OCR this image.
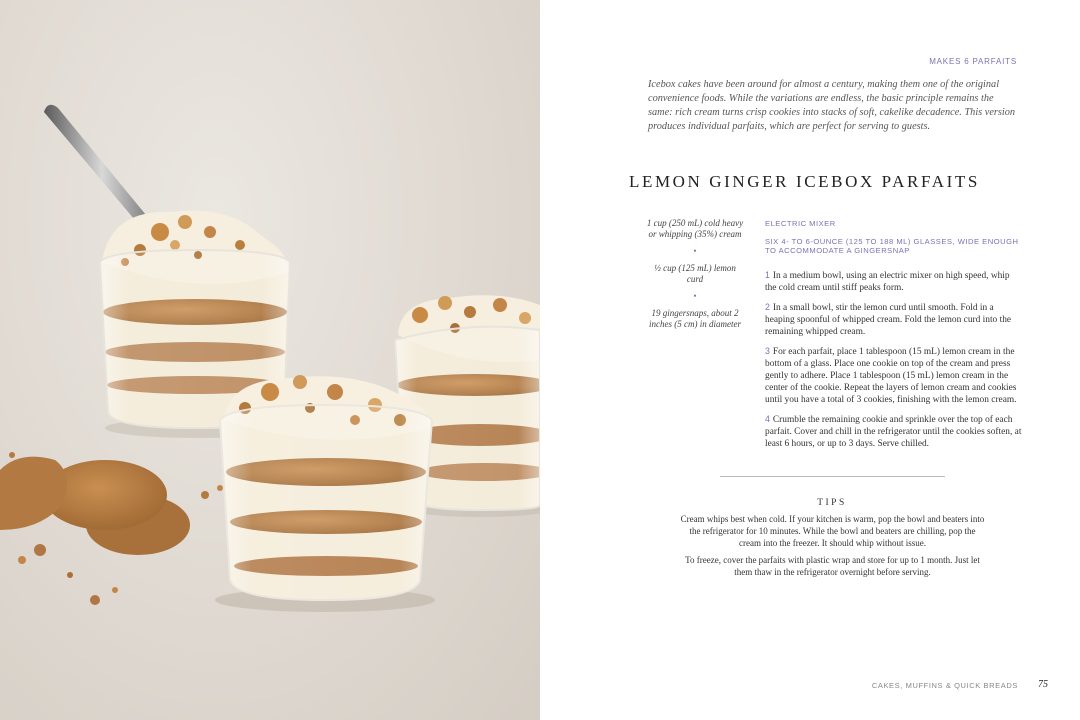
MAKES 6 PARFAITS

Icebox cakes have been around for almost a century, making them one of the original convenience foods. While the variations are endless, the basic principle remains the same: rich cream turns crisp cookies into stacks of soft, cakelike decadence. This version produces individual parfaits, which are perfect for serving to guests.

LEMON GINGER ICEBOX PARFAITS

1 cup (250 mL) cold heavy or whipping (35%) cream

•

½ cup (125 mL) lemon curd

•

19 gingersnaps, about 2 inches (5 cm) in diameter

ELECTRIC MIXER
SIX 4- TO 6-OUNCE (125 TO 188 ML) GLASSES, WIDE ENOUGH TO ACCOMMODATE A GINGERSNAP

1 In a medium bowl, using an electric mixer on high speed, whip the cold cream until stiff peaks form.

2 In a small bowl, stir the lemon curd until smooth. Fold in a heaping spoonful of whipped cream. Fold the lemon curd into the remaining whipped cream.

3 For each parfait, place 1 tablespoon (15 mL) lemon cream in the bottom of a glass. Place one cookie on top of the cream and press gently to adhere. Place 1 tablespoon (15 mL) lemon cream in the center of the cookie. Repeat the layers of lemon cream and cookies until you have a total of 3 cookies, finishing with the lemon cream.

4 Crumble the remaining cookie and sprinkle over the top of each parfait. Cover and chill in the refrigerator until the cookies soften, at least 6 hours, or up to 3 days. Serve chilled.

TIPS

Cream whips best when cold. If your kitchen is warm, pop the bowl and beaters into the refrigerator for 10 minutes. While the bowl and beaters are chilling, pop the cream into the freezer. It should whip without issue.

To freeze, cover the parfaits with plastic wrap and store for up to 1 month. Just let them thaw in the refrigerator overnight before serving.

CAKES, MUFFINS & QUICK BREADS 75
